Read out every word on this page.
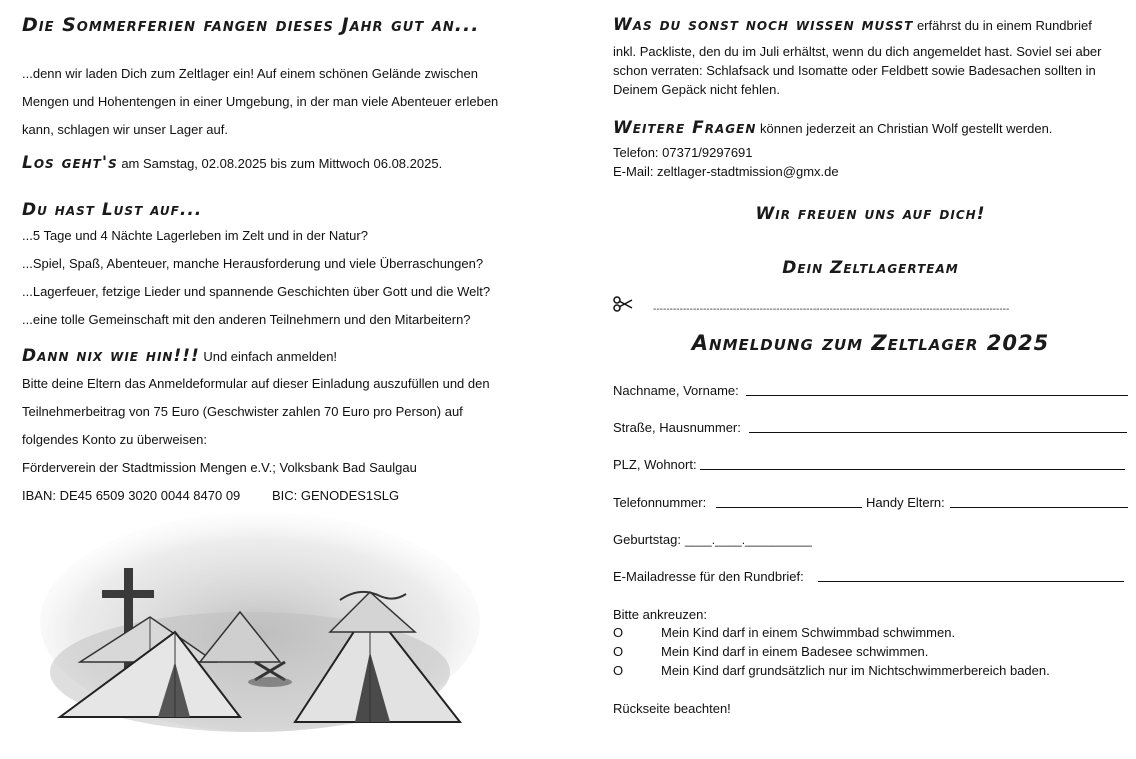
Die Sommerferien fangen dieses Jahr gut an...
...denn wir laden Dich zum Zeltlager ein! Auf einem schönen Gelände zwischen
Mengen und Hohentengen in einer Umgebung, in der man viele Abenteuer erleben
kann, schlagen wir unser Lager auf.
Los geht's am Samstag, 02.08.2025 bis zum Mittwoch 06.08.2025.
Du hast Lust auf...
...5 Tage und 4 Nächte Lagerleben im Zelt und in der Natur?
...Spiel, Spaß, Abenteuer, manche Herausforderung und viele Überraschungen?
...Lagerfeuer, fetzige Lieder und spannende Geschichten über Gott und die Welt?
...eine tolle Gemeinschaft mit den anderen Teilnehmern und den Mitarbeitern?
Dann nix wie hin!!! Und einfach anmelden!
Bitte deine Eltern das Anmeldeformular auf dieser Einladung auszufüllen und den
Teilnehmerbeitrag von 75 Euro (Geschwister zahlen 70 Euro pro Person) auf
folgendes Konto zu überweisen:
Förderverein der Stadtmission Mengen e.V.; Volksbank Bad Saulgau
IBAN: DE45 6509 3020 0044 8470 09 BIC: GENODES1SLG
Was du sonst noch wissen musst erfährst du in einem Rundbrief
inkl. Packliste, den du im Juli erhältst, wenn du dich angemeldet hast. Soviel sei aber
schon verraten: Schlafsack und Isomatte oder Feldbett sowie Badesachen sollten in
Deinem Gepäck nicht fehlen.
Weitere Fragen können jederzeit an Christian Wolf gestellt werden.
Telefon: 07371/9297691
E-Mail: zeltlager-stadtmission@gmx.de
Wir freuen uns auf dich!
Dein Zeltlagerteam
-----------------------------------------------------------------------------------------------------------
Anmeldung zum Zeltlager 2025
Nachname, Vorname:
Straße, Hausnummer:
PLZ, Wohnort:
Telefonnummer:	Handy Eltern:
Geburtstag: ____.____.__________
E-Mailadresse für den Rundbrief:
Bitte ankreuzen:
O	Mein Kind darf in einem Schwimmbad schwimmen.
O	Mein Kind darf in einem Badesee schwimmen.
O	Mein Kind darf grundsätzlich nur im Nichtschwimmerbereich baden.
Rückseite beachten!
